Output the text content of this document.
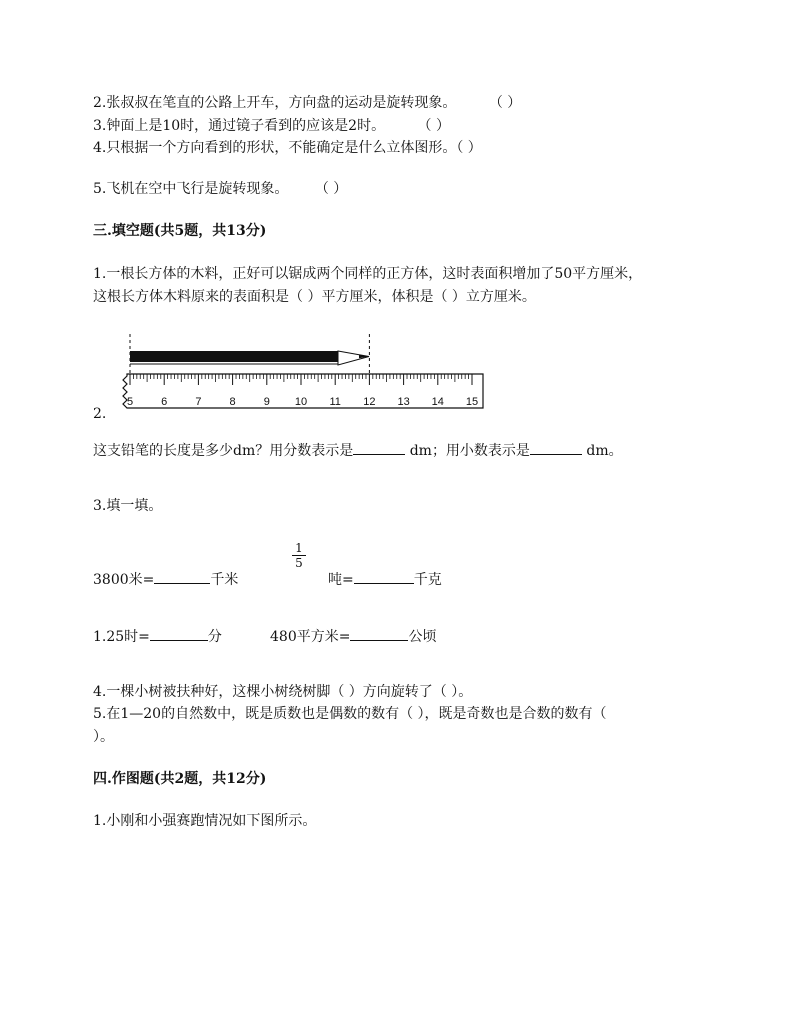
2.张叔叔在笔直的公路上开车，方向盘的运动是旋转现象。 （ ）
3.钟面上是10时，通过镜子看到的应该是2时。 （ ）
4.只根据一个方向看到的形状，不能确定是什么立体图形。（ ）
5.飞机在空中飞行是旋转现象。 （ ）
三.填空题(共5题，共13分)
1.一根长方体的木料，正好可以锯成两个同样的正方体，这时表面积增加了50平方厘米，
这根长方体木料原来的表面积是（ ）平方厘米，体积是（ ）立方厘米。
5	6	7	8	9 10 11 12 13 14 15
2.
这支铅笔的长度是多少dm？用分数表示是	dm；用小数表示是	dm。
3.填一填。
$\frac{1}{5}$
3800米=	千米	吨=	千克
1.25时=	分	480平方米=	公顷
4.一棵小树被扶种好，这棵小树绕树脚（ ）方向旋转了（ ）。
5.在1—20的自然数中，既是质数也是偶数的数有（ ），既是奇数也是合数的数有（
）。
四.作图题(共2题，共12分)
1.小刚和小强赛跑情况如下图所示。
